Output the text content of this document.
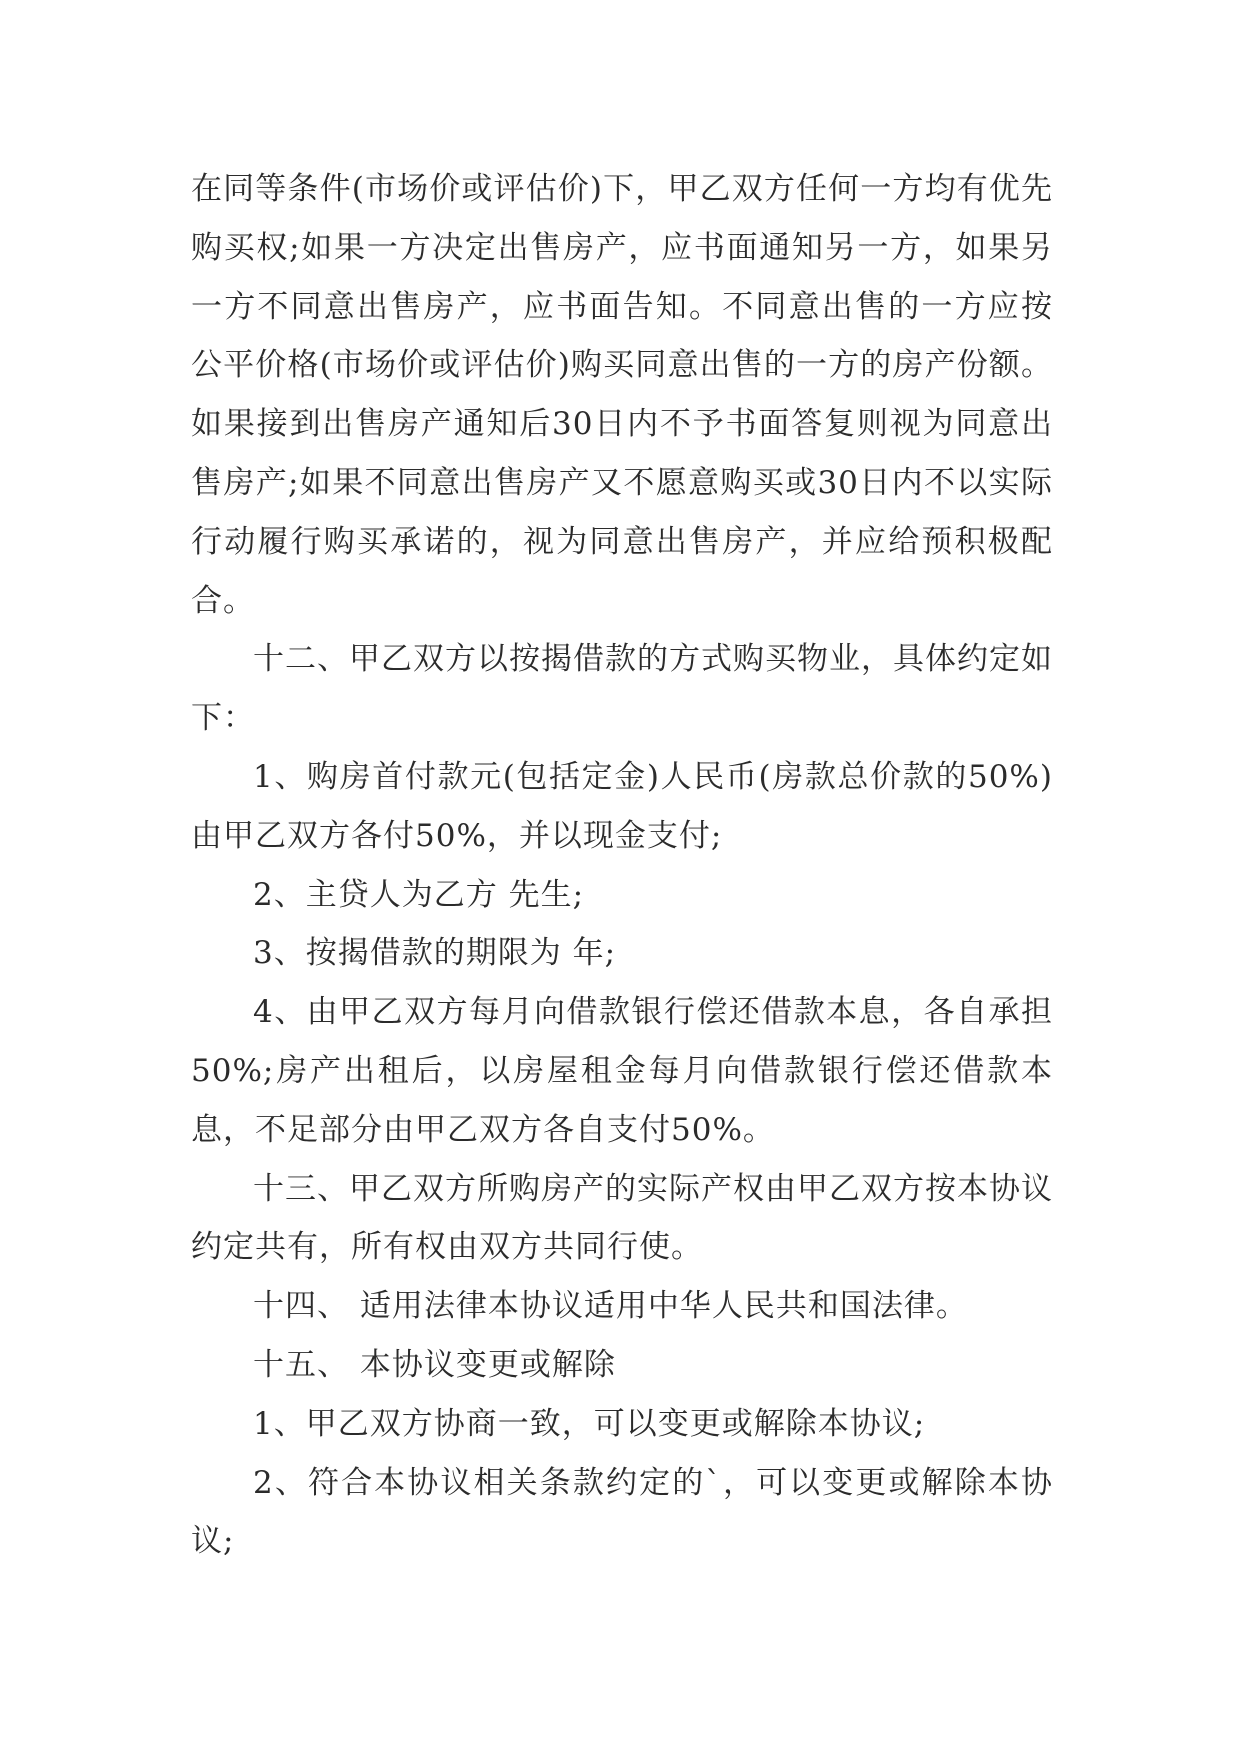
在同等条件(市场价或评估价)下，甲乙双方任何一方均有优先购买权;如果一方决定出售房产，应书面通知另一方，如果另一方不同意出售房产，应书面告知。不同意出售的一方应按公平价格(市场价或评估价)购买同意出售的一方的房产份额。如果接到出售房产通知后30日内不予书面答复则视为同意出售房产;如果不同意出售房产又不愿意购买或30日内不以实际行动履行购买承诺的，视为同意出售房产，并应给预积极配合。

十二、甲乙双方以按揭借款的方式购买物业，具体约定如下：

1、购房首付款元(包括定金)人民币(房款总价款的50%)由甲乙双方各付50%，并以现金支付;

2、主贷人为乙方 先生;

3、按揭借款的期限为 年;

4、由甲乙双方每月向借款银行偿还借款本息，各自承担50%;房产出租后，以房屋租金每月向借款银行偿还借款本息，不足部分由甲乙双方各自支付50%。

十三、甲乙双方所购房产的实际产权由甲乙双方按本协议约定共有，所有权由双方共同行使。

十四、 适用法律本协议适用中华人民共和国法律。

十五、 本协议变更或解除

1、甲乙双方协商一致，可以变更或解除本协议;

2、符合本协议相关条款约定的`，可以变更或解除本协议;
